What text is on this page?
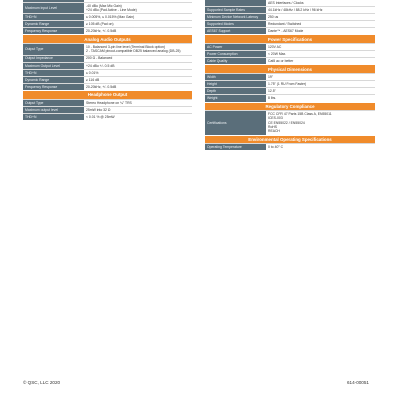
Maximum input Level	-40 dBu (Max Mic Gain)
+24 dBu (Pad Active - Line Mode)

THD+N	≤ 0.005%, ≤ 0.015% (Max Gain)

Dynamic Range	≥ 105 dB (Pad on)

Frequency Response	20-20kHz, +/- 0.5dB
Analog Audio Outputs
Output Type	10 - Balanced 3-pin line level (Terminal Block option)
2 - TASCAM pinout-compatible DB25 balanced analog (DB-25)

Output Impedance	200 Ω - Balanced

Maximum Output Level	+24 dBu +/- 0.5 dB

THD+N	≤ 0.01%

Dynamic Range	≥ 116 dB

Frequency Response	20-20kHz, +/- 0.5dB
Headphone Output
Output Type	Stereo Headphone on ¼" TRS

Maximum output level	25mW into 32 Ω

THD+N	< 0.01 % @ 25mW

	AES Interfaces / Clocks

Supported Sample Rates	44.1kHz / 48kHz / 88.2 kHz / 96 kHz

Minimum Device Network Latency	250 us

Supported Modes	Redundant / Switched

AES67 Support	Dante™ - AES67 Mode
Power Specifications
AC Power	120V AC

Power Consumption	< 20W Max.

Cable Quality	Cat5 ac or better
Physical Dimensions
Width	19"

Height	1.75" (1 RU From Faster)

Depth	12.5"

Weight	8 lbs.
Regulatory Compliance
Certifications	
FCC CFR 47 Parts 15B Class A, EN55011
ICES-003
CE EN55022 / EN55024
RoHS
REACH
Environmental Operating Specifications
Operating Temperature	0 to 40° C
© QSC, LLC 2020	614-00051
